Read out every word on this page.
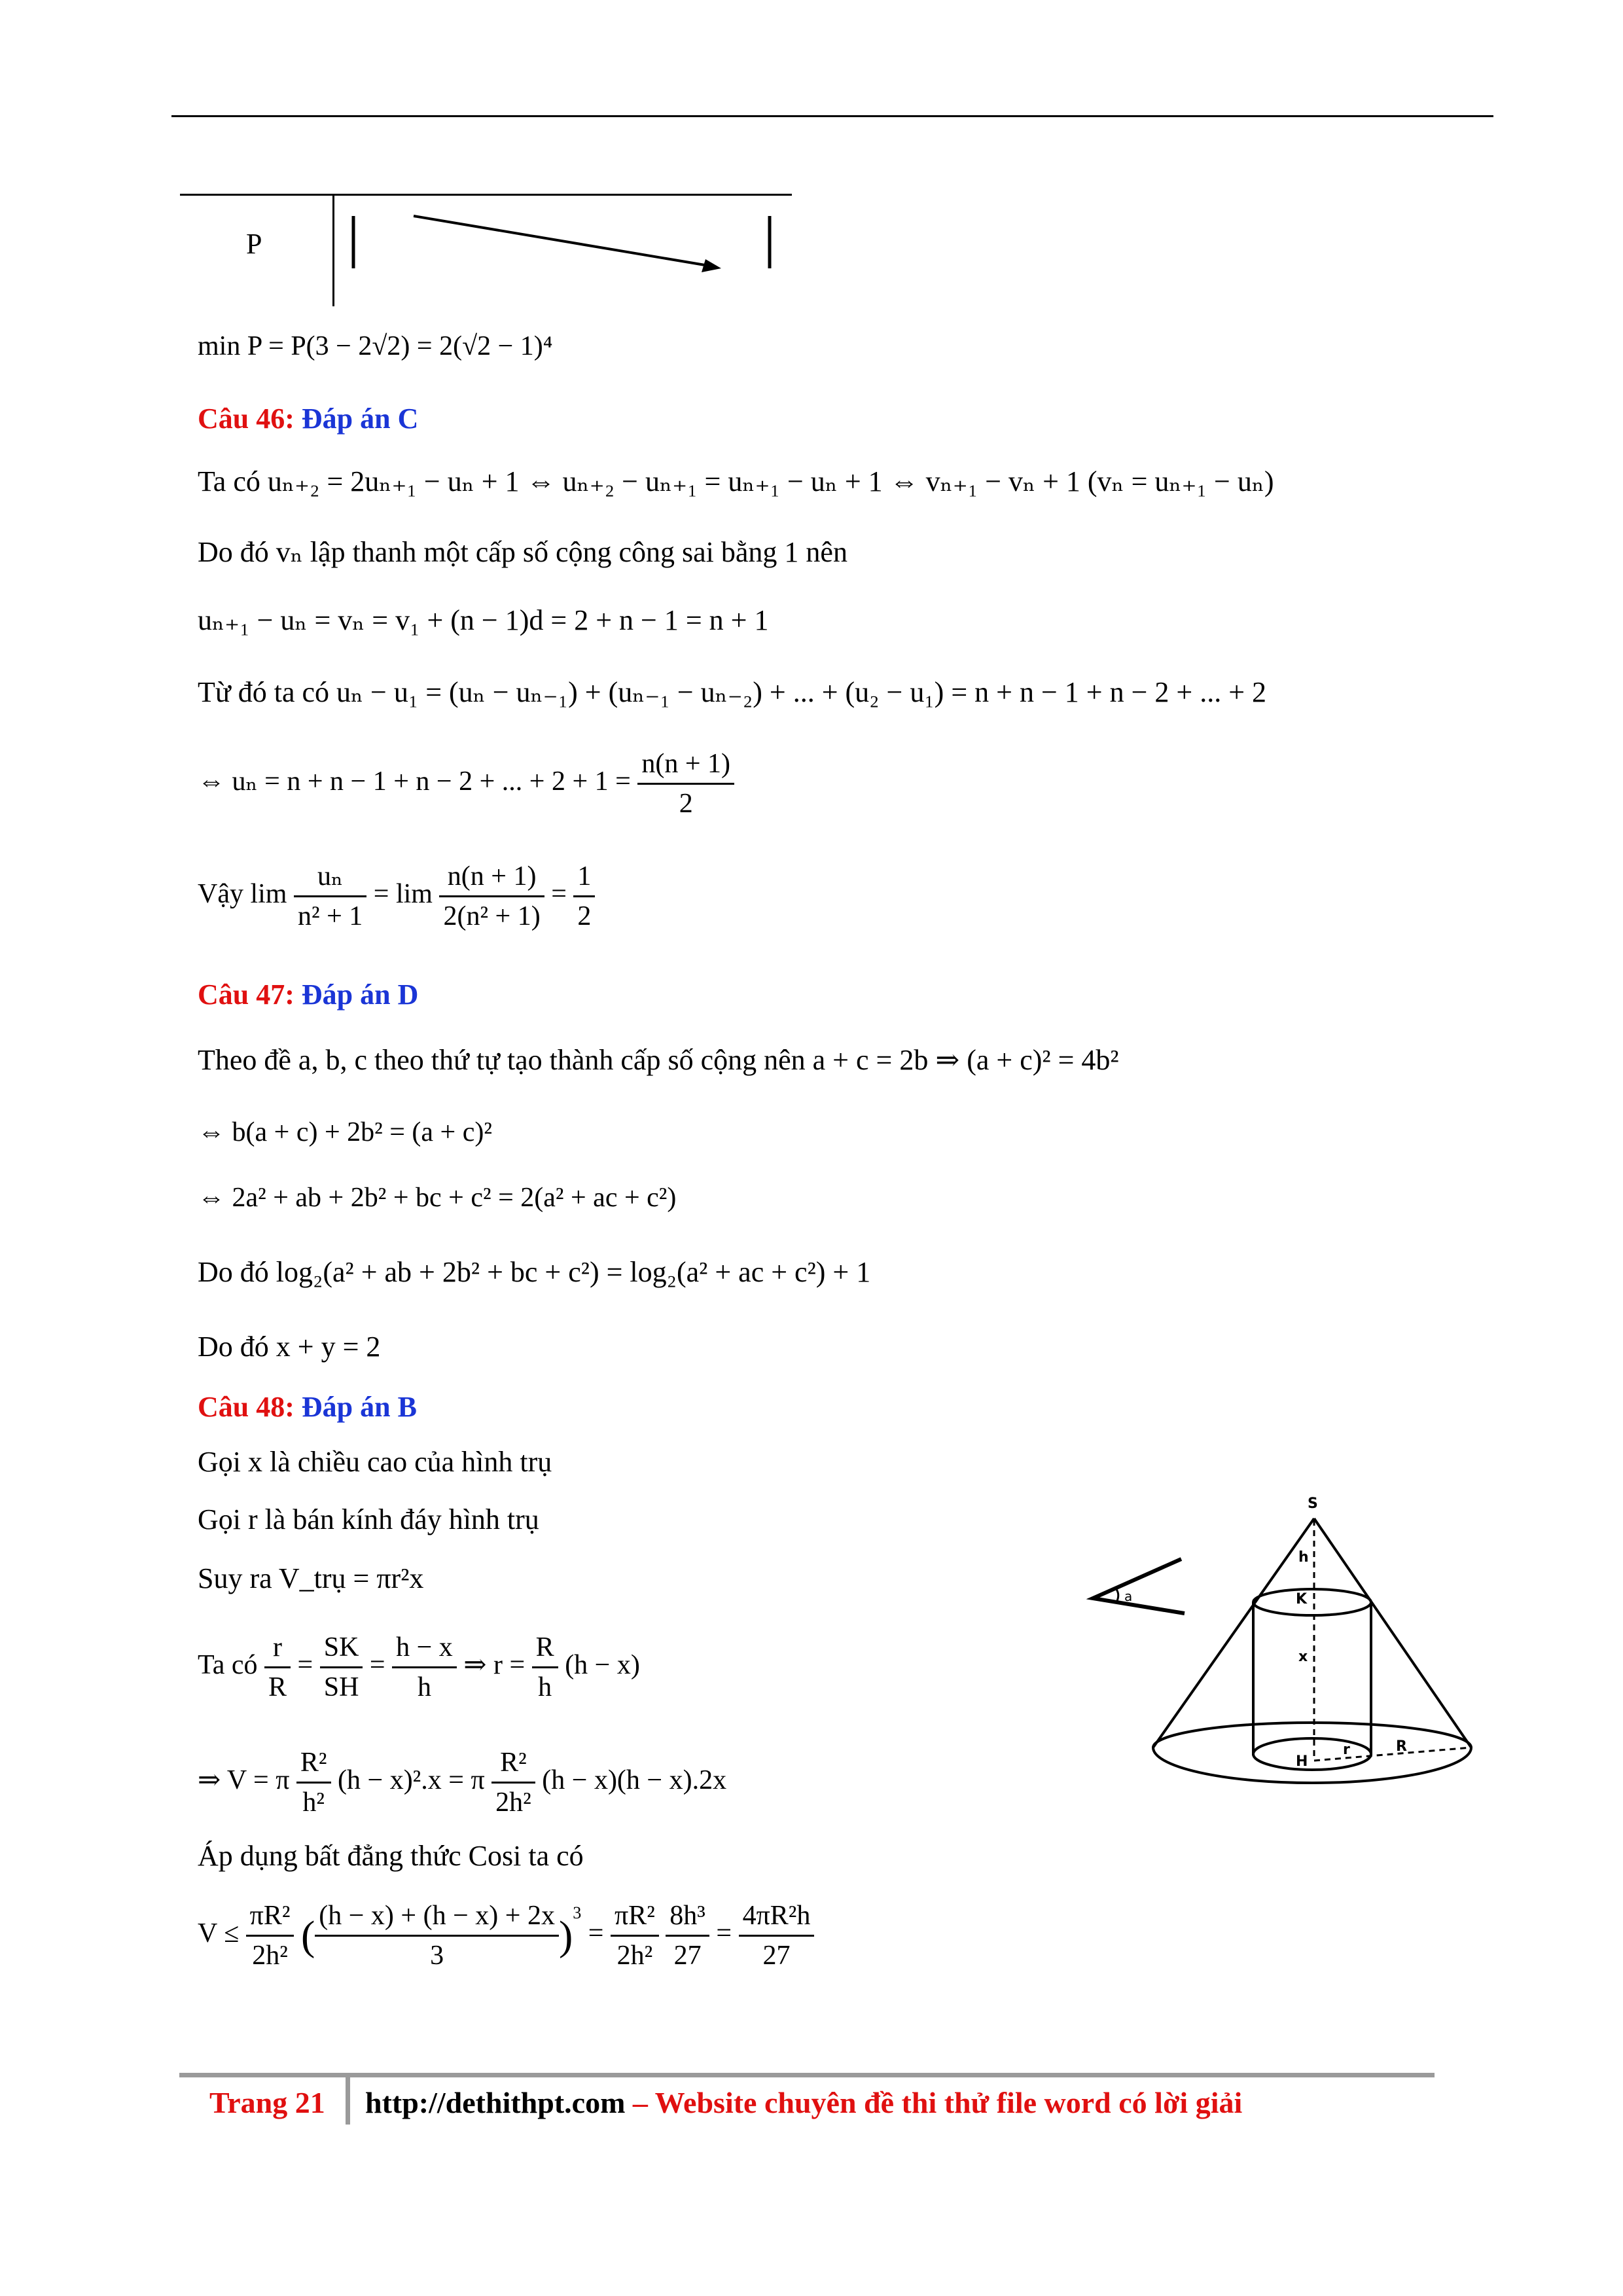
P
min P = P(3 − 2√2) = 2(√2 − 1)⁴
Câu 46: Đáp án C
Ta có uₙ₊₂ = 2uₙ₊₁ − uₙ + 1 ⇔ uₙ₊₂ − uₙ₊₁ = uₙ₊₁ − uₙ + 1 ⇔ vₙ₊₁ − vₙ + 1 (vₙ = uₙ₊₁ − uₙ)
Do đó vₙ lập thanh một cấp số cộng công sai bằng 1 nên
uₙ₊₁ − uₙ = vₙ = v₁ + (n − 1)d = 2 + n − 1 = n + 1
Từ đó ta có uₙ − u₁ = (uₙ − uₙ₋₁) + (uₙ₋₁ − uₙ₋₂) + ... + (u₂ − u₁) = n + n − 1 + n − 2 + ... + 2
⇔ uₙ = n + n − 1 + n − 2 + ... + $2 + 1 = \frac{n(n + 1)}{2}$
Vậy $\lim \frac{\text{uₙ}}{\text{n² + 1}} = \lim \frac{n(n + 1)}{\text{2(n² + 1)}} = \frac{1}{2}$
Câu 47: Đáp án D
Theo đề a, b, c theo thứ tự tạo thành cấp số cộng nên a + c = 2b ⇒ (a + c)² = 4b²
⇔ b(a + c) + 2b² = (a + c)²
⇔ 2a² + ab + 2b² + bc + c² = 2(a² + ac + c²)
Do đó log₂(a² + ab + 2b² + bc + c²) = log₂(a² + ac + c²) + 1
Do đó x + y = 2
Câu 48: Đáp án B
Gọi x là chiều cao của hình trụ
Gọi r là bán kính đáy hình trụ
Suy ra V_trụ = πr²x
Ta có $\frac{r}{R} = \frac{SK}{SH} = \frac{h - x}{h}$ ⇒ $r = \frac{R}{h} (h - x)$
⇒ V = π $\frac{\text{R²}}{\text{h²}} (h - x)^2.x = \pi \frac{\text{R²}}{\text{2h²}} (h - x)(h - x).2x$
Áp dụng bất đẳng thức Cosi ta có
$V \le \frac{\text{πR²}}{\text{2h²}}$ ( $\frac{(h - x) + (h - x) + 2x}{3} )^3 = \frac{\text{πR²}}{\text{2h²}}$
$\frac{\text{8h³}}{27} = \frac{\text{4πR²h}}{27}$
a
S
h
K
x
r	R
H
Trang 21 http://dethithpt.com – Website chuyên đề thi thử file word có lời giải
